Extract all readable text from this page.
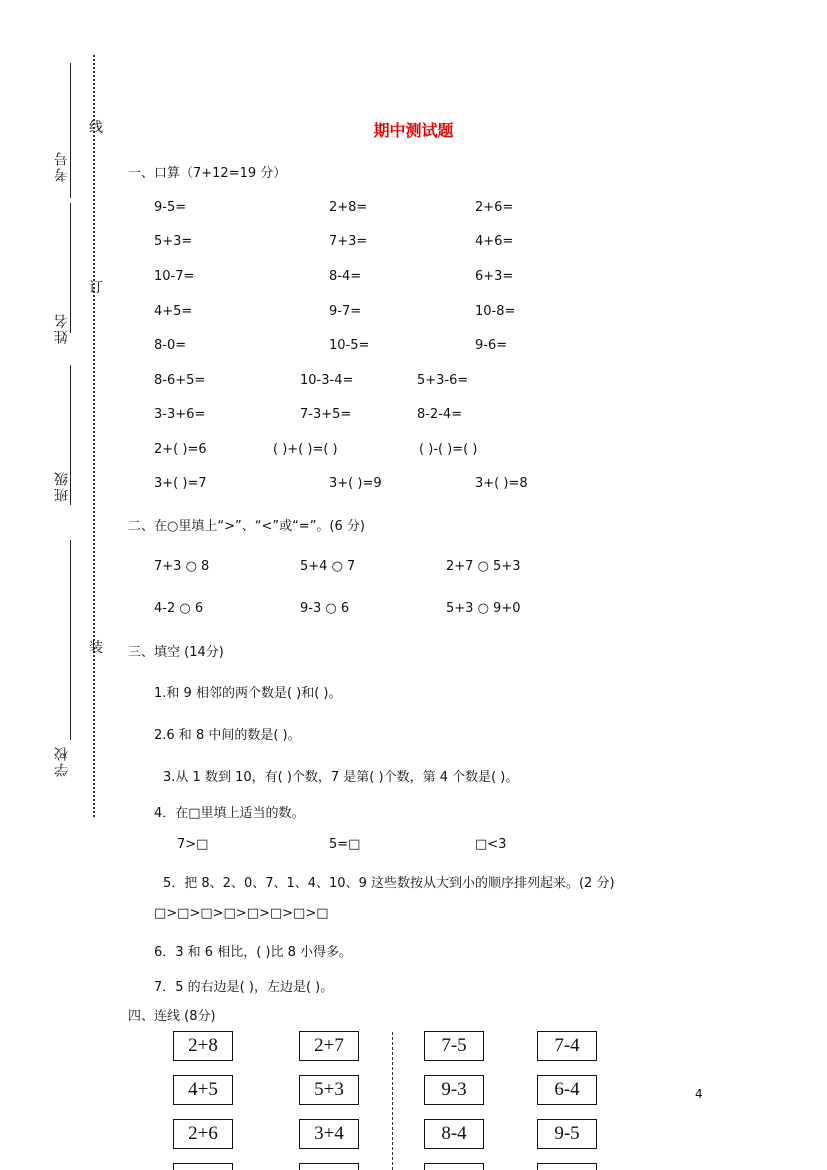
考号
姓名
班级
学校
线
订
装
期中测试题
一、口算（7+12=19 分）
9-5=	2+8=	2+6=
5+3=	7+3=	4+6=
10-7=	8-4=	6+3=
4+5=	9-7=	10-8=
8-0=	10-5=	9-6=
8-6+5=	10-3-4=	5+3-6=
3-3+6=	7-3+5=	8-2-4=
2+( )=6	( )+( )=( )	( )-( )=( )
3+( )=7	3+( )=9	3+( )=8
二、在○里填上“>”、“<”或“=”。(6 分)
7+3 ○ 8	5+4 ○ 7	2+7 ○ 5+3
4-2 ○ 6	9-3 ○ 6	5+3 ○ 9+0
三、填空 (14分)
1.和 9 相邻的两个数是( )和( )。
2.6 和 8 中间的数是( )。
3.从 1 数到 10，有( )个数，7 是第( )个数，第 4 个数是( )。
4．在□里填上适当的数。
7>□	5=□	□<3
5．把 8、2、0、7、1、4、10、9 这些数按从大到小的顺序排列起来。(2 分)
□>□>□>□>□>□>□>□
6．3 和 6 相比，( )比 8 小得多。
7．5 的右边是( )，左边是( )。
四、连线 (8分)
2+8	2+7	7-5	7-4
4+5	5+3	9-3	6-4
2+6	3+4	8-4	9-5
4
